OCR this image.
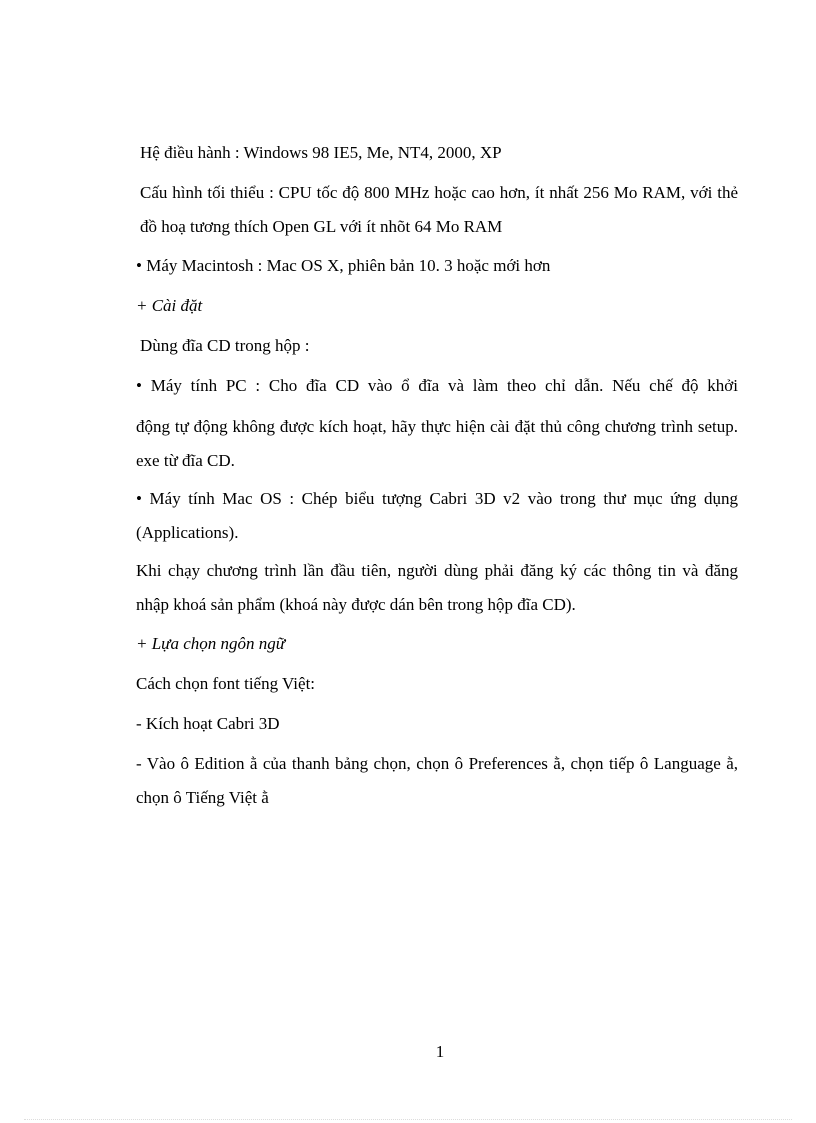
Hệ điều hành : Windows 98 IE5, Me, NT4, 2000, XP

Cấu hình tối thiểu : CPU tốc độ 800 MHz hoặc cao hơn, ít nhất 256 Mo RAM, với thẻ đồ hoạ tương thích Open GL với ít nhõt 64 Mo RAM

• Máy Macintosh : Mac OS X, phiên bản 10. 3 hoặc mới hơn

+ Cài đặt

Dùng đĩa CD trong hộp :

• Máy tính PC : Cho đĩa CD vào ổ đĩa và làm theo chỉ dẫn. Nếu chế độ khởi

động tự động không được kích hoạt, hãy thực hiện cài đặt thủ công chương trình setup. exe từ đĩa CD.

• Máy tính Mac OS : Chép biểu tượng Cabri 3D v2 vào trong thư mục ứng dụng (Applications).

Khi chạy chương trình lần đầu tiên, người dùng phải đăng ký các thông tin và đăng nhập khoá sản phẩm (khoá này được dán bên trong hộp đĩa CD).

+ Lựa chọn ngôn ngữ

Cách chọn font tiếng Việt:

- Kích hoạt Cabri 3D

- Vào ô Edition ằ của thanh bảng chọn, chọn ô Preferences ằ, chọn tiếp ô Language ằ, chọn ô Tiếng Việt ằ

1
